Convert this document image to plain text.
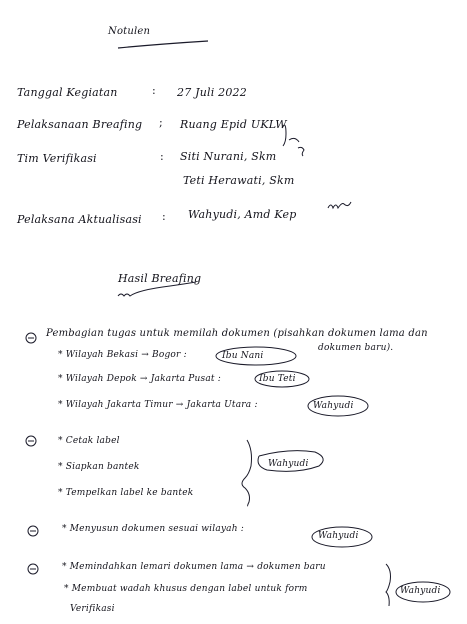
Notulen
Tanggal Kegiatan	: 27 Juli 2022
Pelaksanaan Breafing ; Ruang Epid UKLW
Tim Verifikasi	: Siti Nurani, Skm
Teti Herawati, Skm
Pelaksana Aktualisasi : Wahyudi, Amd Kep
Hasil Breafing
Pembagian tugas untuk memilah dokumen (pisahkan dokumen lama dan
dokumen baru).
* Wilayah Bekasi → Bogor :	Ibu Nani
* Wilayah Depok → Jakarta Pusat :	Ibu Teti
* Wilayah Jakarta Timur → Jakarta Utara :	Wahyudi
* Cetak label
* Siapkan bantek
* Tempelkan label ke bantek
Wahyudi
* Menyusun dokumen sesuai wilayah :
Wahyudi
* Memindahkan lemari dokumen lama → dokumen baru
* Membuat wadah khusus dengan label untuk form
Verifikasi
Wahyudi
